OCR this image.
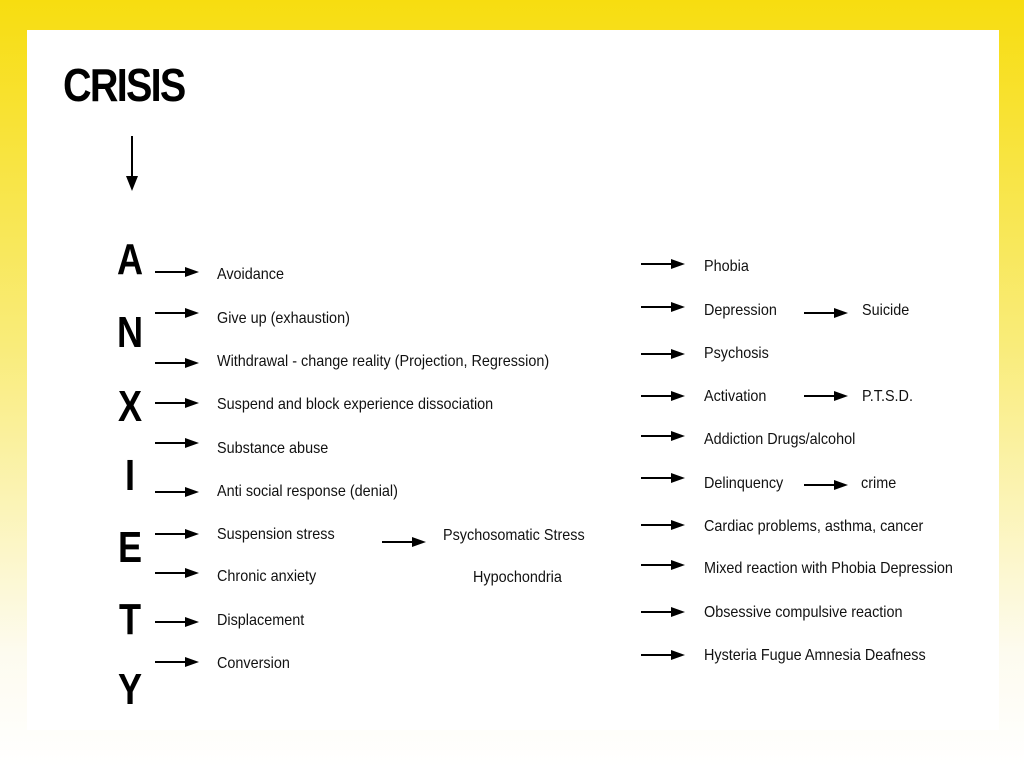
CRISIS
A
N
X
I
E
T
Y
Avoidance
Give up (exhaustion)
Withdrawal - change reality (Projection, Regression)
Suspend and block experience dissociation
Substance abuse
Anti social response (denial)
Suspension stress
Chronic anxiety
Displacement
Conversion
Psychosomatic Stress
Hypochondria
Phobia
Depression
Psychosis
Activation
Addiction Drugs/alcohol
Delinquency
Cardiac problems, asthma, cancer
Mixed reaction with Phobia Depression
Obsessive compulsive reaction
Hysteria Fugue Amnesia Deafness
Suicide
P.T.S.D.
crime
